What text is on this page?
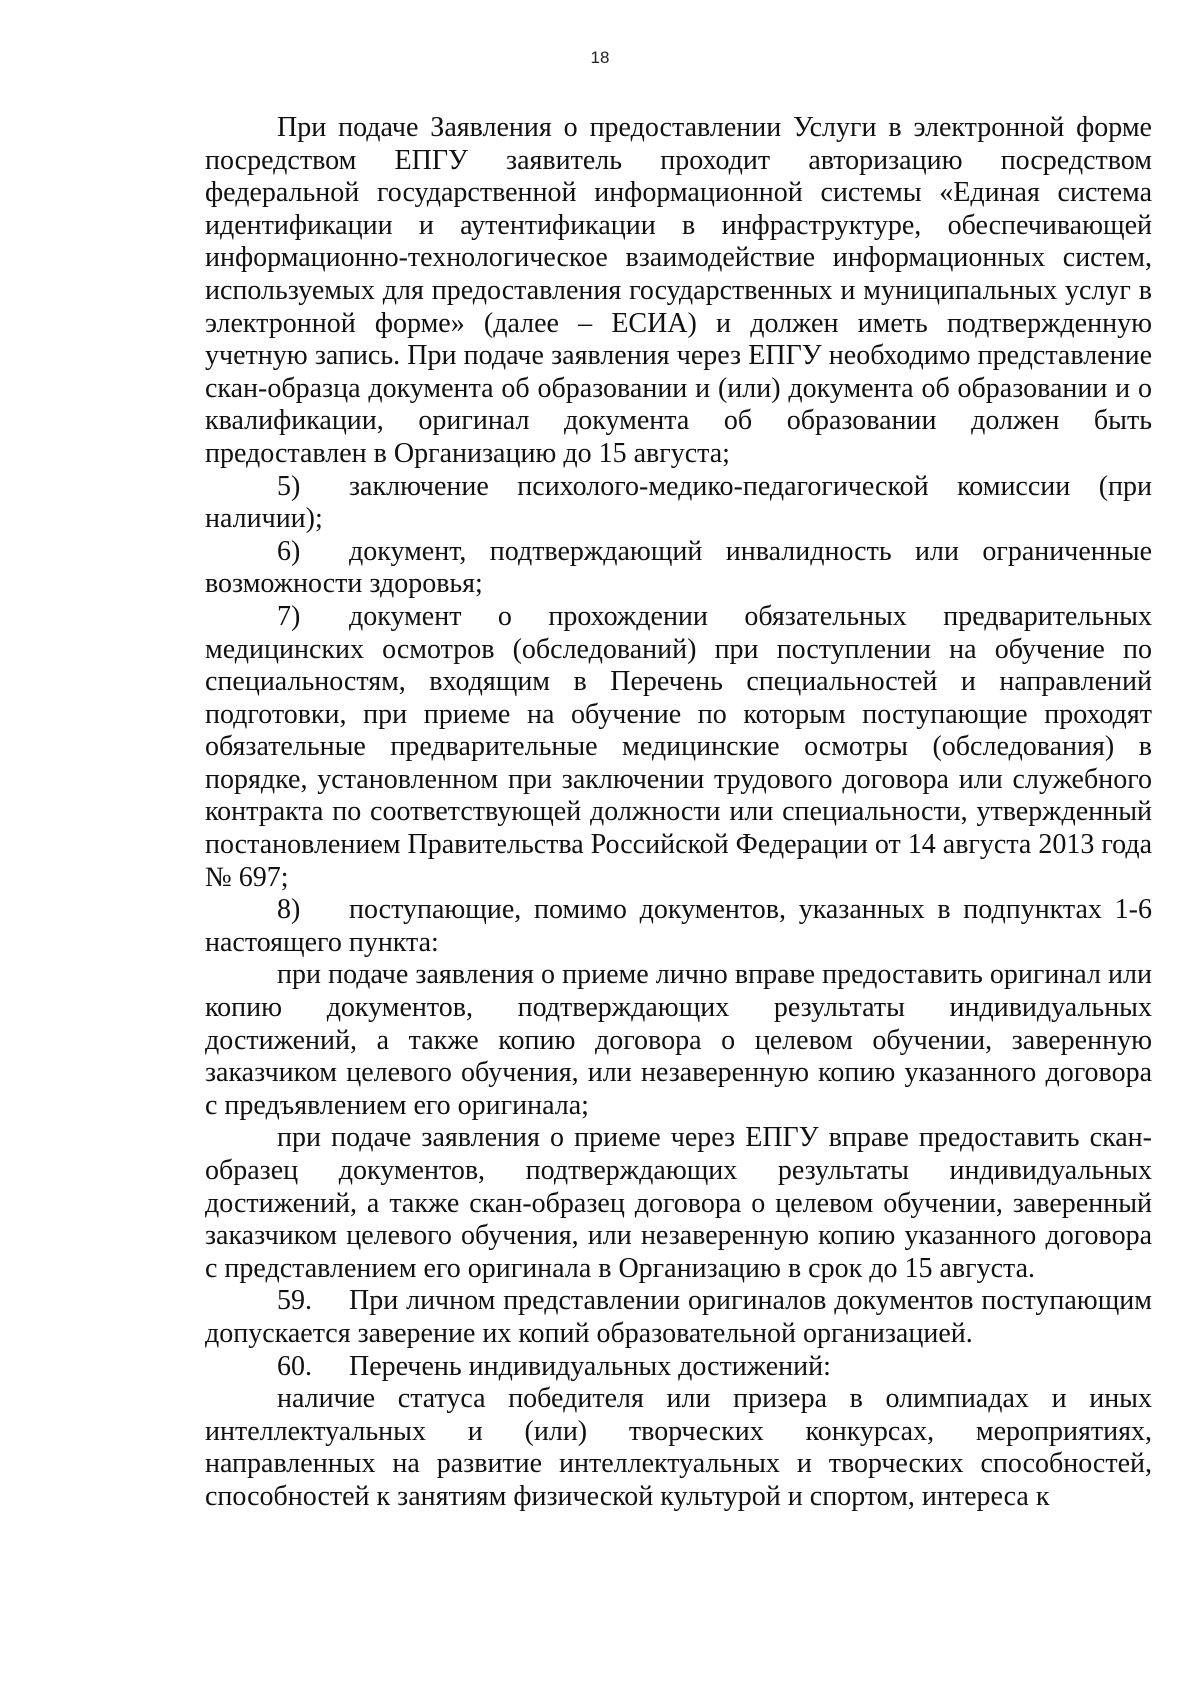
18

При подаче Заявления о предоставлении Услуги в электронной форме посредством ЕПГУ заявитель проходит авторизацию посредством федеральной государственной информационной системы «Единая система идентификации и аутентификации в инфраструктуре, обеспечивающей информационно-технологическое взаимодействие информационных систем, используемых для предоставления государственных и муниципальных услуг в электронной форме» (далее – ЕСИА) и должен иметь подтвержденную учетную запись. При подаче заявления через ЕПГУ необходимо представление скан-образца документа об образовании и (или) документа об образовании и о квалификации, оригинал документа об образовании должен быть предоставлен в Организацию до 15 августа;

5) заключение психолого-медико-педагогической комиссии (при наличии);

6) документ, подтверждающий инвалидность или ограниченные возможности здоровья;

7) документ о прохождении обязательных предварительных медицинских осмотров (обследований) при поступлении на обучение по специальностям, входящим в Перечень специальностей и направлений подготовки, при приеме на обучение по которым поступающие проходят обязательные предварительные медицинские осмотры (обследования) в порядке, установленном при заключении трудового договора или служебного контракта по соответствующей должности или специальности, утвержденный постановлением Правительства Российской Федерации от 14 августа 2013 года № 697;

8) поступающие, помимо документов, указанных в подпунктах 1-6 настоящего пункта:

при подаче заявления о приеме лично вправе предоставить оригинал или копию документов, подтверждающих результаты индивидуальных достижений, а также копию договора о целевом обучении, заверенную заказчиком целевого обучения, или незаверенную копию указанного договора с предъявлением его оригинала;

при подаче заявления о приеме через ЕПГУ вправе предоставить скан-образец документов, подтверждающих результаты индивидуальных достижений, а также скан-образец договора о целевом обучении, заверенный заказчиком целевого обучения, или незаверенную копию указанного договора с представлением его оригинала в Организацию в срок до 15 августа.

59. При личном представлении оригиналов документов поступающим допускается заверение их копий образовательной организацией.

60. Перечень индивидуальных достижений:

наличие статуса победителя или призера в олимпиадах и иных интеллектуальных и (или) творческих конкурсах, мероприятиях, направленных на развитие интеллектуальных и творческих способностей, способностей к занятиям физической культурой и спортом, интереса к
